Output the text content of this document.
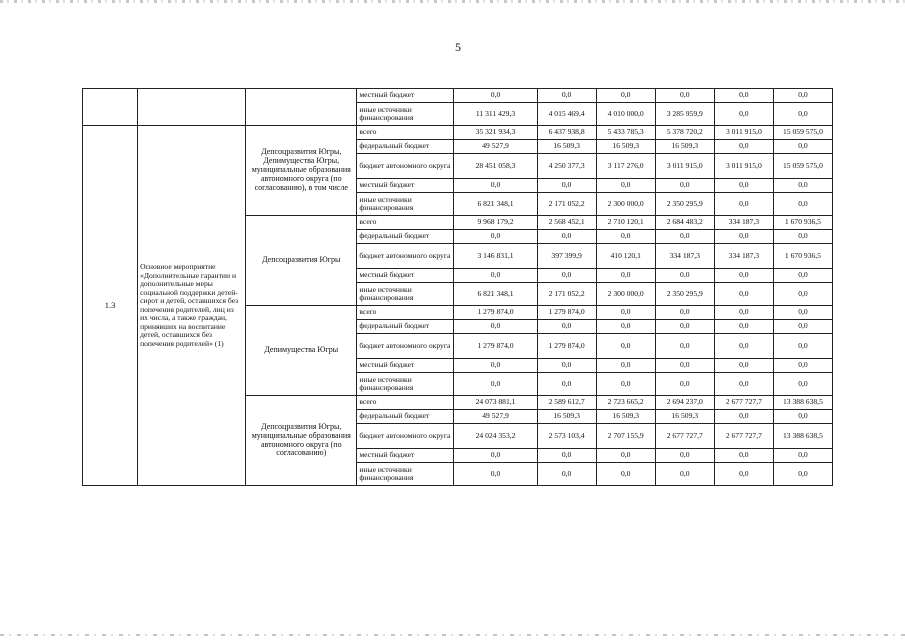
5
			местный бюджет	0,0	0,0	0,0	0,0	0,0	0,0
			иные источники финансирования	11 311 429,3	4 015 469,4	4 010 000,0	3 285 959,9	0,0	0,0
1.3	Основное мероприятие «Дополнительные гарантии и дополнительные меры социальной поддержки детей-сирот и детей, оставшихся без попечения родителей, лиц из их числа, а также граждан, принявших на воспитание детей, оставшихся без попечения родителей» (1)	Депсоцразвития Югры, Депимущества Югры, муниципальные образования автономного округа (по согласованию), в том числе	всего	35 321 934,3	6 437 938,8	5 433 785,3	5 378 720,2	3 011 915,0	15 059 575,0
			федеральный бюджет	49 527,9	16 509,3	16 509,3	16 509,3	0,0	0,0
			бюджет автономного округа	28 451 058,3	4 250 377,3	3 117 276,0	3 011 915,0	3 011 915,0	15 059 575,0
			местный бюджет	0,0	0,0	0,0	0,0	0,0	0,0
			иные источники финансирования	6 821 348,1	2 171 052,2	2 300 000,0	2 350 295,9	0,0	0,0
		Депсоцразвития Югры	всего	9 968 179,2	2 568 452,1	2 710 120,1	2 684 483,2	334 187,3	1 670 936,5
			федеральный бюджет	0,0	0,0	0,0	0,0	0,0	0,0
			бюджет автономного округа	3 146 831,1	397 399,9	410 120,1	334 187,3	334 187,3	1 670 936,5
			местный бюджет	0,0	0,0	0,0	0,0	0,0	0,0
			иные источники финансирования	6 821 348,1	2 171 052,2	2 300 000,0	2 350 295,9	0,0	0,0
		Депимущества Югры	всего	1 279 874,0	1 279 874,0	0,0	0,0	0,0	0,0
			федеральный бюджет	0,0	0,0	0,0	0,0	0,0	0,0
			бюджет автономного округа	1 279 874,0	1 279 874,0	0,0	0,0	0,0	0,0
			местный бюджет	0,0	0,0	0,0	0,0	0,0	0,0
			иные источники финансирования	0,0	0,0	0,0	0,0	0,0	0,0
		Депсоцразвития Югры, муниципальные образования автономного округа (по согласованию)	всего	24 073 881,1	2 589 612,7	2 723 665,2	2 694 237,0	2 677 727,7	13 388 638,5
			федеральный бюджет	49 527,9	16 509,3	16 509,3	16 509,3	0,0	0,0
			бюджет автономного округа	24 024 353,2	2 573 103,4	2 707 155,9	2 677 727,7	2 677 727,7	13 388 638,5
			местный бюджет	0,0	0,0	0,0	0,0	0,0	0,0
			иные источники финансирования	0,0	0,0	0,0	0,0	0,0	0,0
